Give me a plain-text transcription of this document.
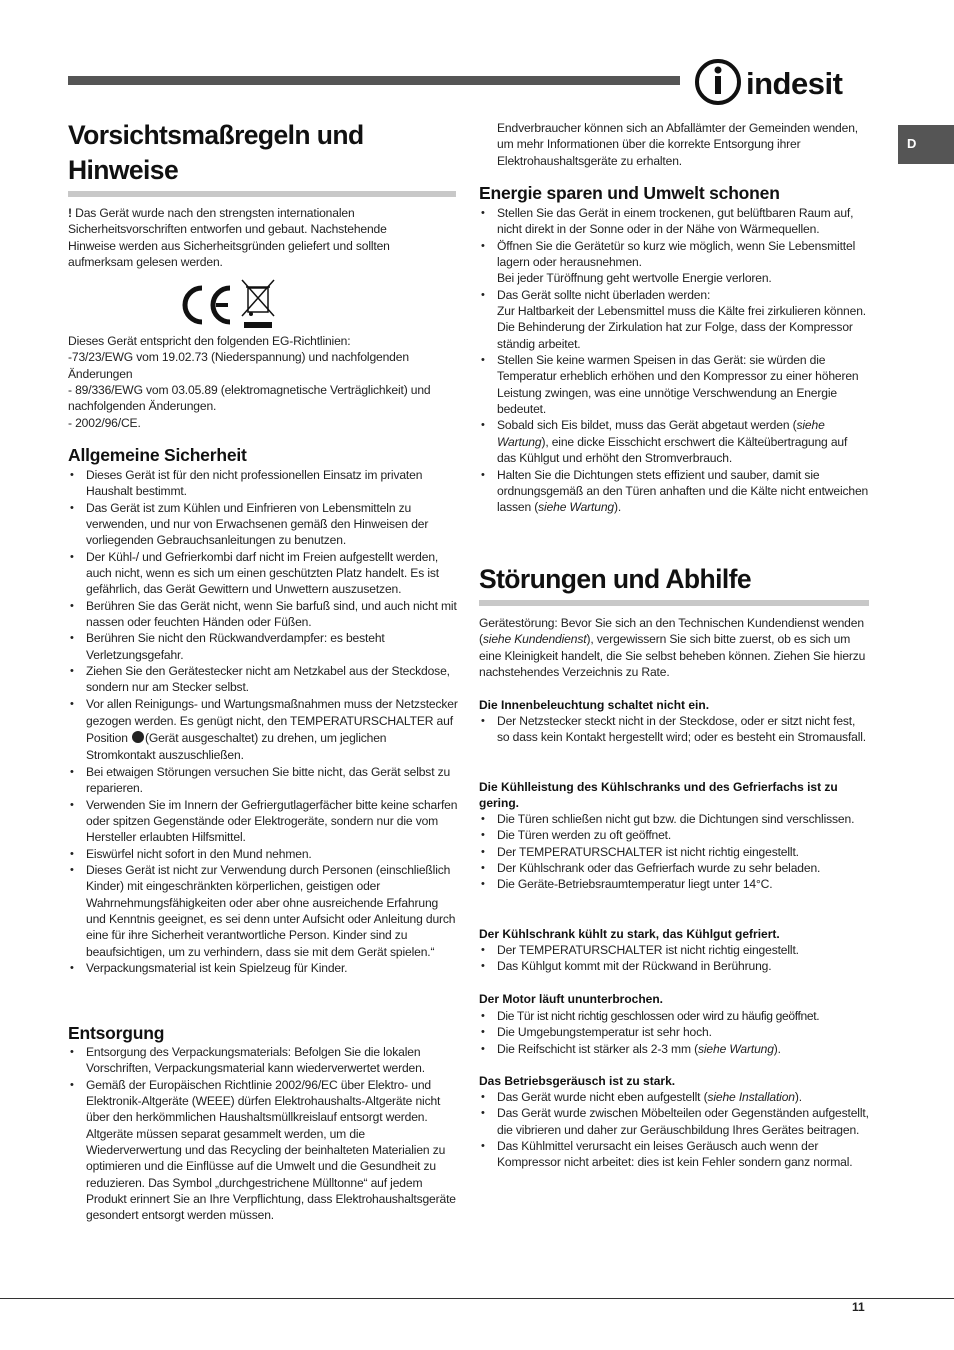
indesit
D
Vorsichtsmaßregeln und Hinweise

! Das Gerät wurde nach den strengsten internationalen Sicherheitsvorschriften entworfen und gebaut. Nachstehende Hinweise werden aus Sicherheitsgründen geliefert und sollten aufmerksam gelesen werden.

Dieses Gerät entspricht den folgenden EG-Richtlinien:

-73/23/EWG vom 19.02.73 (Niederspannung) und nachfolgenden Änderungen

- 89/336/EWG vom 03.05.89 (elektromagnetische Verträglichkeit) und nachfolgenden Änderungen.

- 2002/96/CE.

Allgemeine Sicherheit
• Dieses Gerät ist für den nicht professionellen Einsatz im privaten Haushalt bestimmt.
• Das Gerät ist zum Kühlen und Einfrieren von Lebensmitteln zu verwenden, und nur von Erwachsenen gemäß den Hinweisen der vorliegenden Gebrauchsanleitungen zu benutzen.
• Der Kühl-/ und Gefrierkombi darf nicht im Freien aufgestellt werden, auch nicht, wenn es sich um einen geschützten Platz handelt. Es ist gefährlich, das Gerät Gewittern und Unwettern auszusetzen.
• Berühren Sie das Gerät nicht, wenn Sie barfuß sind, und auch nicht mit nassen oder feuchten Händen oder Füßen.
• Berühren Sie nicht den Rückwandverdampfer: es besteht Verletzungsgefahr.
• Ziehen Sie den Gerätestecker nicht am Netzkabel aus der Steckdose, sondern nur am Stecker selbst.
• Vor allen Reinigungs- und Wartungsmaßnahmen muss der Netzstecker gezogen werden. Es genügt nicht, den TEMPERATURSCHALTER auf Position (Gerät ausgeschaltet) zu drehen, um jeglichen Stromkontakt auszuschließen.
• Bei etwaigen Störungen versuchen Sie bitte nicht, das Gerät selbst zu reparieren.
• Verwenden Sie im Innern der Gefriergutlagerfächer bitte keine scharfen oder spitzen Gegenstände oder Elektrogeräte, sondern nur die vom Hersteller erlaubten Hilfsmittel.
• Eiswürfel nicht sofort in den Mund nehmen.
• Dieses Gerät ist nicht zur Verwendung durch Personen (einschließlich Kinder) mit eingeschränkten körperlichen, geistigen oder Wahrnehmungsfähigkeiten oder aber ohne ausreichende Erfahrung und Kenntnis geeignet, es sei denn unter Aufsicht oder Anleitung durch eine für ihre Sicherheit verantwortliche Person. Kinder sind zu beaufsichtigen, um zu verhindern, dass sie mit dem Gerät spielen.“
• Verpackungsmaterial ist kein Spielzeug für Kinder.
Entsorgung
• Entsorgung des Verpackungsmaterials: Befolgen Sie die lokalen Vorschriften, Verpackungsmaterial kann wiederverwertet werden.
• Gemäß der Europäischen Richtlinie 2002/96/EC über Elektro- und Elektronik-Altgeräte (WEEE) dürfen Elektrohaushalts-Altgeräte nicht über den herkömmlichen Haushaltsmüllkreislauf entsorgt werden. Altgeräte müssen separat gesammelt werden, um die Wiederverwertung und das Recycling der beinhalteten Materialien zu optimieren und die Einflüsse auf die Umwelt und die Gesundheit zu reduzieren. Das Symbol „durchgestrichene Mülltonne“ auf jedem Produkt erinnert Sie an Ihre Verpflichtung, dass Elektrohaushaltsgeräte gesondert entsorgt werden müssen.

Endverbraucher können sich an Abfallämter der Gemeinden wenden, um mehr Informationen über die korrekte Entsorgung ihrer Elektrohaushaltsgeräte zu erhalten.

Energie sparen und Umwelt schonen
• Stellen Sie das Gerät in einem trockenen, gut belüftbaren Raum auf, nicht direkt in der Sonne oder in der Nähe von Wärmequellen.
• Öffnen Sie die Gerätetür so kurz wie möglich, wenn Sie Lebensmittel lagern oder herausnehmen.
Bei jeder Türöffnung geht wertvolle Energie verloren.
• Das Gerät sollte nicht überladen werden:
Zur Haltbarkeit der Lebensmittel muss die Kälte frei zirkulieren können. Die Behinderung der Zirkulation hat zur Folge, dass der Kompressor ständig arbeitet.
• Stellen Sie keine warmen Speisen in das Gerät: sie würden die Temperatur erheblich erhöhen und den Kompressor zu einer höheren Leistung zwingen, was eine unnötige Verschwendung an Energie bedeutet.
• Sobald sich Eis bildet, muss das Gerät abgetaut werden (siehe Wartung), eine dicke Eisschicht erschwert die Kälteübertragung auf das Kühlgut und erhöht den Stromverbrauch.
• Halten Sie die Dichtungen stets effizient und sauber, damit sie ordnungsgemäß an den Türen anhaften und die Kälte nicht entweichen lassen (siehe Wartung).
Störungen und Abhilfe

Gerätestörung: Bevor Sie sich an den Technischen Kundendienst wenden (siehe Kundendienst), vergewissern Sie sich bitte zuerst, ob es sich um eine Kleinigkeit handelt, die Sie selbst beheben können. Ziehen Sie hierzu nachstehendes Verzeichnis zu Rate.

Die Innenbeleuchtung schaltet nicht ein.
• Der Netzstecker steckt nicht in der Steckdose, oder er sitzt nicht fest, so dass kein Kontakt hergestellt wird; oder es besteht ein Stromausfall.
Die Kühlleistung des Kühlschranks und des Gefrierfachs ist zu gering.
• Die Türen schließen nicht gut bzw. die Dichtungen sind verschlissen.
• Die Türen werden zu oft geöffnet.
• Der TEMPERATURSCHALTER ist nicht richtig eingestellt.
• Der Kühlschrank oder das Gefrierfach wurde zu sehr beladen.
• Die Geräte-Betriebsraumtemperatur liegt unter 14°C.
Der Kühlschrank kühlt zu stark, das Kühlgut gefriert.
• Der TEMPERATURSCHALTER ist nicht richtig eingestellt.
• Das Kühlgut kommt mit der Rückwand in Berührung.
Der Motor läuft ununterbrochen.
• Die Tür ist nicht richtig geschlossen oder wird zu häufig geöffnet.
• Die Umgebungstemperatur ist sehr hoch.
• Die Reifschicht ist stärker als 2-3 mm (siehe Wartung).
Das Betriebsgeräusch ist zu stark.
• Das Gerät wurde nicht eben aufgestellt (siehe Installation).
• Das Gerät wurde zwischen Möbelteilen oder Gegenständen aufgestellt, die vibrieren und daher zur Geräuschbildung Ihres Gerätes beitragen.
• Das Kühlmittel verursacht ein leises Geräusch auch wenn der Kompressor nicht arbeitet: dies ist kein Fehler sondern ganz normal.
11
